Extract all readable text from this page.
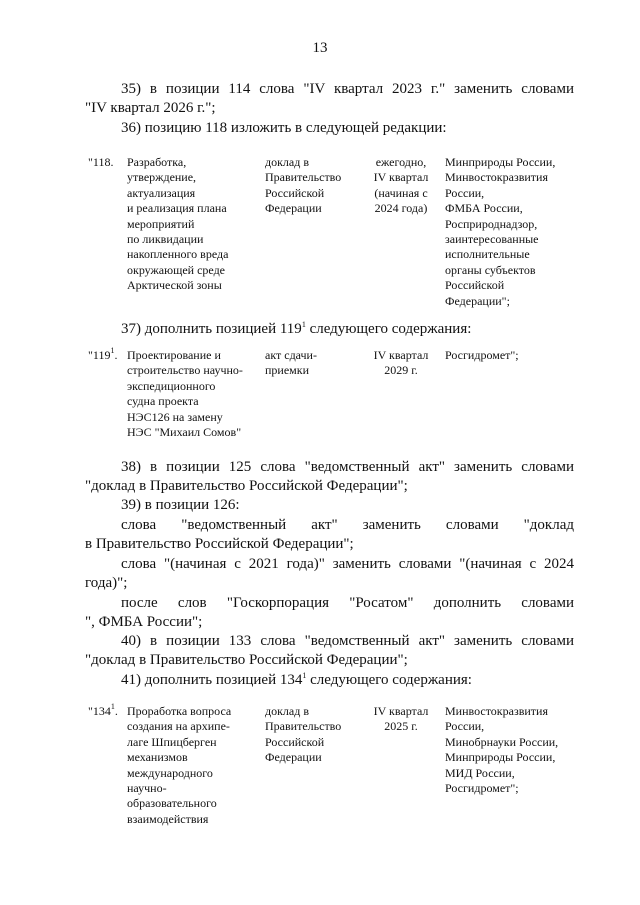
13
35) в позиции 114 слова "IV квартал 2023 г." заменить словами
"IV квартал 2026 г.";
36) позицию 118 изложить в следующей редакции:
"118. Разработка,
утверждение,
актуализация
и реализация плана
мероприятий
по ликвидации
накопленного вреда
окружающей среде
Арктической зоны
доклад в
Правительство
Российской
Федерации
ежегодно,
IV квартал
(начиная с
2024 года)
Минприроды России,
Минвостокразвития
России,
ФМБА России,
Росприроднадзор,
заинтересованные
исполнительные
органы субъектов
Российской
Федерации";
37) дополнить позицией $119^1$ следующего содержания:
"$119^1$. Проектирование и
строительство научно-
экспедиционного
судна проекта
НЭС126 на замену
НЭС "Михаил Сомов"
акт сдачи-
приемки
IV квартал
2029 г.
Росгидромет";
38) в позиции 125 слова "ведомственный акт" заменить словами
"доклад в Правительство Российской Федерации";
39) в позиции 126:
слова "ведомственный акт" заменить словами "доклад
в Правительство Российской Федерации";
слова "(начиная с 2021 года)" заменить словами "(начиная с 2024
года)";
после слов "Госкорпорация "Росатом" дополнить словами
", ФМБА России";
40) в позиции 133 слова "ведомственный акт" заменить словами
"доклад в Правительство Российской Федерации";
41) дополнить позицией $134^1$ следующего содержания:
"$134^1$. Проработка вопроса
создания на архипе-
лаге Шпицберген
механизмов
международного
научно-
образовательного
взаимодействия
доклад в
Правительство
Российской
Федерации
IV квартал
2025 г.
Минвостокразвития
России,
Минобрнауки России,
Минприроды России,
МИД России,
Росгидромет";
